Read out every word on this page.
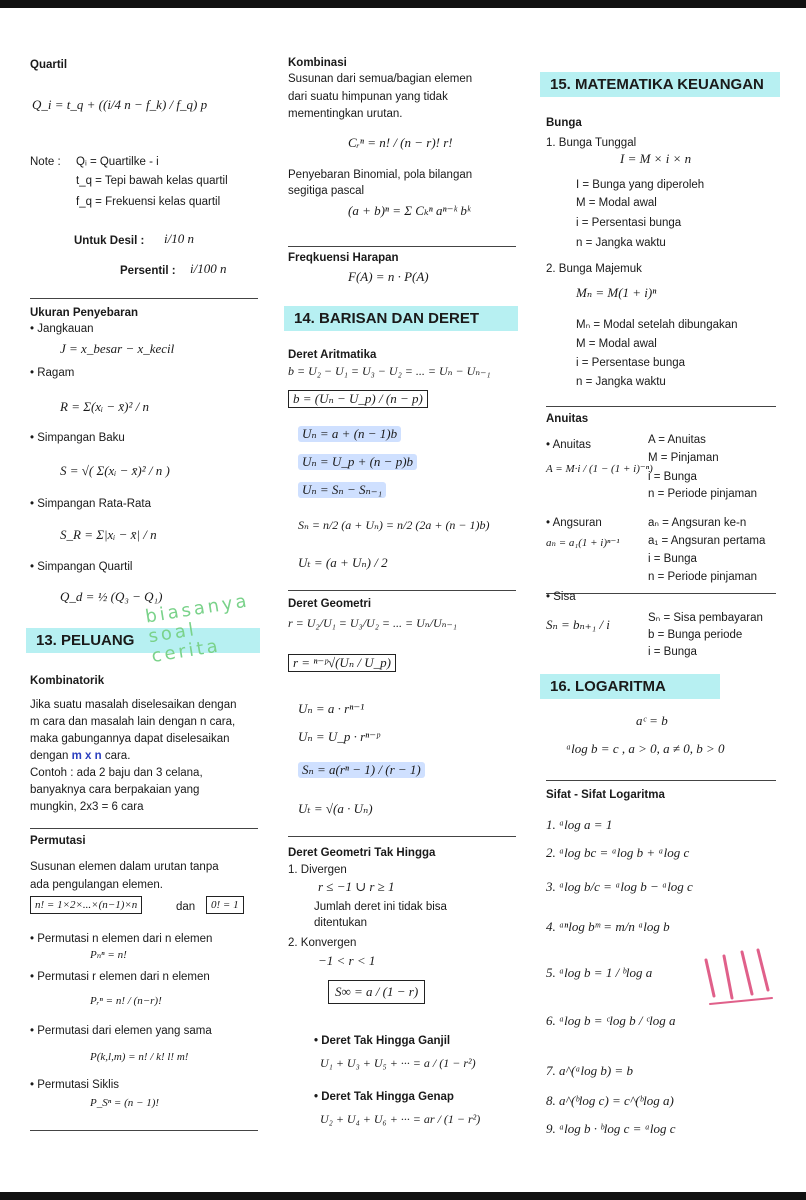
Quartil
Q_i = t_q + ((i/4 n − f_k) / f_q) p
Note : Qᵢ = Quartilke - i
t_q = Tepi bawah kelas quartil
f_q = Frekuensi kelas quartil
Untuk Desil : i/10 n
Persentil : i/100 n
Ukuran Penyebaran
• Jangkauan
J = x_besar − x_kecil
• Ragam
R = Σ(xᵢ − x̄)² / n
• Simpangan Baku
S = √( Σ(xᵢ − x̄)² / n )
• Simpangan Rata-Rata
S_R = Σ|xᵢ − x̄| / n
• Simpangan Quartil
Q_d = ½ (Q₃ − Q₁)
13. PELUANG
biasanya soal cerita
Kombinatorik
Jika suatu masalah diselesaikan dengan
m cara dan masalah lain dengan n cara,
maka gabungannya dapat diselesaikan
dengan m x n cara.
Contoh : ada 2 baju dan 3 celana,
banyaknya cara berpakaian yang
mungkin, 2x3 = 6 cara
Permutasi
Susunan elemen dalam urutan tanpa
ada pengulangan elemen.
n! = 1×2×...×(n−1)×n	dan	0! = 1
• Permutasi n elemen dari n elemen
Pₙⁿ = n!
• Permutasi r elemen dari n elemen
Pᵣⁿ = n! / (n−r)!
• Permutasi dari elemen yang sama
P(k,l,m) = n! / k! l! m!
• Permutasi Siklis
P_Sⁿ = (n − 1)!
Kombinasi
Susunan dari semua/bagian elemen
dari suatu himpunan yang tidak
mementingkan urutan.
Cᵣⁿ = n! / (n − r)! r!
Penyebaran Binomial, pola bilangan
segitiga pascal
(a + b)ⁿ = Σ Cₖⁿ aⁿ⁻ᵏ bᵏ
Freqkuensi Harapan
F(A) = n · P(A)
14. BARISAN DAN DERET
Deret Aritmatika
b = U₂ − U₁ = U₃ − U₂ = ... = Uₙ − Uₙ₋₁
b = (Uₙ − U_p) / (n − p)
Uₙ = a + (n − 1)b
Uₙ = U_p + (n − p)b
Uₙ = Sₙ − Sₙ₋₁
Sₙ = n/2 (a + Uₙ) = n/2 (2a + (n − 1)b)
Uₜ = (a + Uₙ) / 2
Deret Geometri
r = U₂/U₁ = U₃/U₂ = ... = Uₙ/Uₙ₋₁
r = ⁿ⁻ᵖ√(Uₙ / U_p)
Uₙ = a · rⁿ⁻¹
Uₙ = U_p · rⁿ⁻ᵖ
Sₙ = a(rⁿ − 1) / (r − 1)
Uₜ = √(a · Uₙ)
Deret Geometri Tak Hingga
1. Divergen
r ≤ −1 ∪ r ≥ 1
Jumlah deret ini tidak bisa
ditentukan
2. Konvergen
−1 < r < 1
S∞ = a / (1 − r)
• Deret Tak Hingga Ganjil
U₁ + U₃ + U₅ + ··· = a / (1 − r²)
• Deret Tak Hingga Genap
U₂ + U₄ + U₆ + ··· = ar / (1 − r²)
15. MATEMATIKA KEUANGAN
Bunga
1. Bunga Tunggal
I = M × i × n
I = Bunga yang diperoleh
M = Modal awal
i = Persentasi bunga
n = Jangka waktu
2. Bunga Majemuk
Mₙ = M(1 + i)ⁿ
Mₙ = Modal setelah dibungakan
M = Modal awal
i = Persentase bunga
n = Jangka waktu
Anuitas
• Anuitas
A = M·i / (1 − (1 + i)⁻ⁿ)
A = Anuitas
M = Pinjaman
i = Bunga
n = Periode pinjaman
• Angsuran
aₙ = a₁(1 + i)ⁿ⁻¹
aₙ = Angsuran ke-n
a₁ = Angsuran pertama
i = Bunga
n = Periode pinjaman
• Sisa
Sₙ = bₙ₊₁ / i	Sₙ = Sisa pembayaran
b = Bunga periode
i = Bunga
16. LOGARITMA
aᶜ = b
ᵃlog b = c , a > 0, a ≠ 0, b > 0
Sifat - Sifat Logaritma
1. ᵃlog a = 1
2. ᵃlog bc = ᵃlog b + ᵃlog c
3. ᵃlog b/c = ᵃlog b − ᵃlog c
4. ᵃⁿlog bᵐ = m/n ᵃlog b
5. ᵃlog b = 1 / ᵇlog a
6. ᵃlog b = ᶜlog b / ᶜlog a
7. a^(ᵃlog b) = b
8. a^(ᵇlog c) = c^(ᵇlog a)
9. ᵃlog b · ᵇlog c = ᵃlog c
